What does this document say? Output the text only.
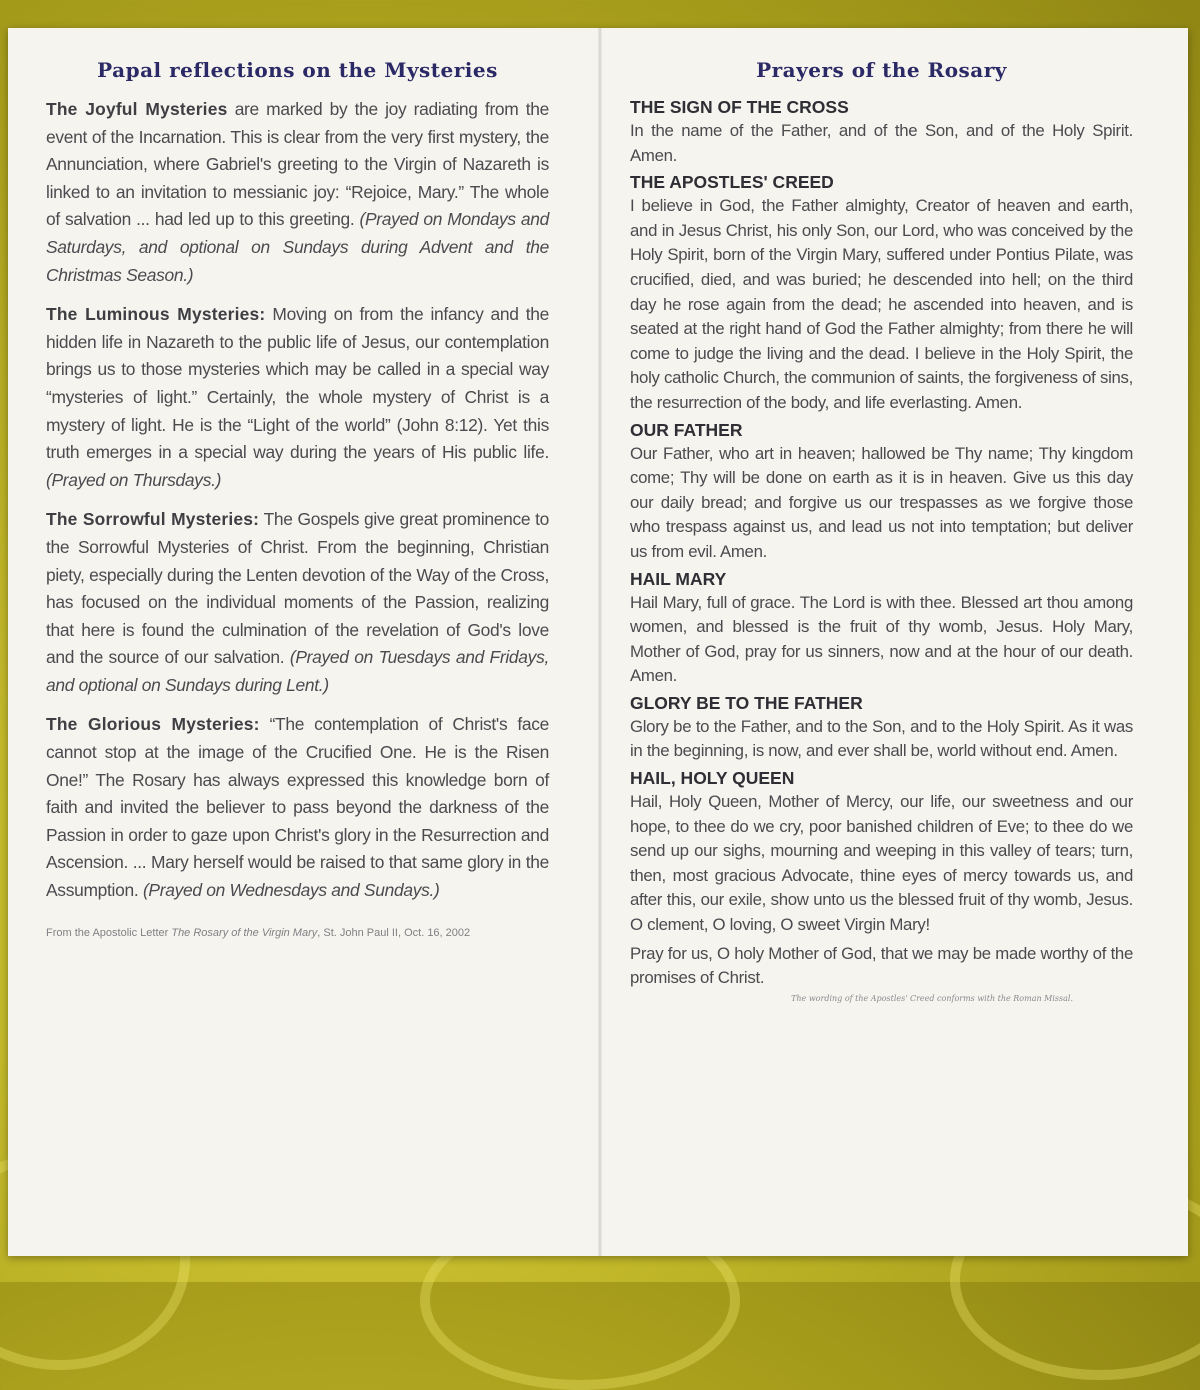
Papal reflections on the Mysteries

The Joyful Mysteries are marked by the joy radiating from the event of the Incarnation. This is clear from the very first mystery, the Annunciation, where Gabriel's greeting to the Virgin of Nazareth is linked to an invitation to messianic joy: “Rejoice, Mary.” The whole of salvation ... had led up to this greeting. (Prayed on Mondays and Saturdays, and optional on Sundays during Advent and the Christmas Season.)

The Luminous Mysteries: Moving on from the infancy and the hidden life in Nazareth to the public life of Jesus, our contemplation brings us to those mysteries which may be called in a special way “mysteries of light.” Certainly, the whole mystery of Christ is a mystery of light. He is the “Light of the world” (John 8:12). Yet this truth emerges in a special way during the years of His public life. (Prayed on Thursdays.)

The Sorrowful Mysteries: The Gospels give great prominence to the Sorrowful Mysteries of Christ. From the beginning, Christian piety, especially during the Lenten devotion of the Way of the Cross, has focused on the individual moments of the Passion, realizing that here is found the culmination of the revelation of God's love and the source of our salvation. (Prayed on Tuesdays and Fridays, and optional on Sundays during Lent.)

The Glorious Mysteries: “The contemplation of Christ's face cannot stop at the image of the Crucified One. He is the Risen One!” The Rosary has always expressed this knowledge born of faith and invited the believer to pass beyond the darkness of the Passion in order to gaze upon Christ's glory in the Resurrection and Ascension. ... Mary herself would be raised to that same glory in the Assumption. (Prayed on Wednesdays and Sundays.)

From the Apostolic Letter The Rosary of the Virgin Mary, St. John Paul II, Oct. 16, 2002
Prayers of the Rosary
THE SIGN OF THE CROSS
In the name of the Father, and of the Son, and of the Holy Spirit. Amen.
THE APOSTLES' CREED
I believe in God, the Father almighty, Creator of heaven and earth, and in Jesus Christ, his only Son, our Lord, who was conceived by the Holy Spirit, born of the Virgin Mary, suffered under Pontius Pilate, was crucified, died, and was buried; he descended into hell; on the third day he rose again from the dead; he ascended into heaven, and is seated at the right hand of God the Father almighty; from there he will come to judge the living and the dead. I believe in the Holy Spirit, the holy catholic Church, the communion of saints, the forgiveness of sins, the resurrection of the body, and life everlasting. Amen.
OUR FATHER
Our Father, who art in heaven; hallowed be Thy name; Thy kingdom come; Thy will be done on earth as it is in heaven. Give us this day our daily bread; and forgive us our trespasses as we forgive those who trespass against us, and lead us not into temptation; but deliver us from evil. Amen.
HAIL MARY
Hail Mary, full of grace. The Lord is with thee. Blessed art thou among women, and blessed is the fruit of thy womb, Jesus. Holy Mary, Mother of God, pray for us sinners, now and at the hour of our death. Amen.
GLORY BE TO THE FATHER
Glory be to the Father, and to the Son, and to the Holy Spirit. As it was in the beginning, is now, and ever shall be, world without end. Amen.
HAIL, HOLY QUEEN
Hail, Holy Queen, Mother of Mercy, our life, our sweetness and our hope, to thee do we cry, poor banished children of Eve; to thee do we send up our sighs, mourning and weeping in this valley of tears; turn, then, most gracious Advocate, thine eyes of mercy towards us, and after this, our exile, show unto us the blessed fruit of thy womb, Jesus. O clement, O loving, O sweet Virgin Mary!
Pray for us, O holy Mother of God, that we may be made worthy of the promises of Christ.
The wording of the Apostles' Creed conforms with the Roman Missal.
